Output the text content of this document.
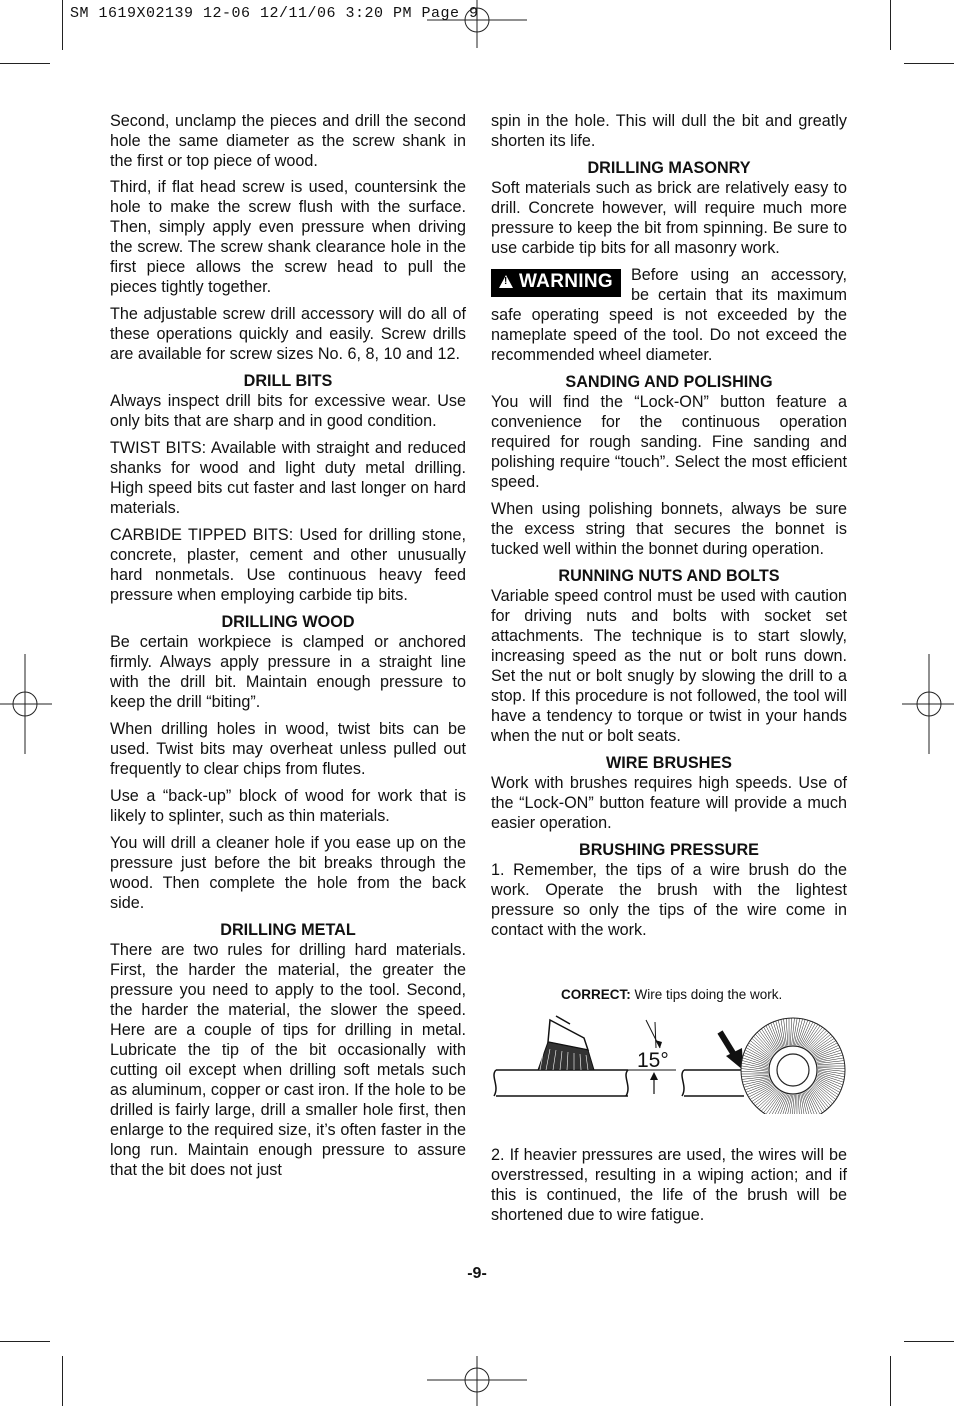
SM 1619X02139 12-06 12/11/06 3:20 PM Page 9

Second, unclamp the pieces and drill the second hole the same diameter as the screw shank in the first or top piece of wood.

Third, if flat head screw is used, countersink the hole to make the screw flush with the surface. Then, simply apply even pressure when driving the screw. The screw shank clearance hole in the first piece allows the screw head to pull the pieces tightly together.

The adjustable screw drill accessory will do all of these operations quickly and easily. Screw drills are available for screw sizes No. 6, 8, 10 and 12.

DRILL BITS

Always inspect drill bits for excessive wear. Use only bits that are sharp and in good condition.

TWIST BITS: Available with straight and reduced shanks for wood and light duty metal drilling. High speed bits cut faster and last longer on hard materials.

CARBIDE TIPPED BITS: Used for drilling stone, concrete, plaster, cement and other unusually hard nonmetals. Use continuous heavy feed pressure when employing carbide tip bits.

DRILLING WOOD

Be certain workpiece is clamped or anchored firmly. Always apply pressure in a straight line with the drill bit. Maintain enough pressure to keep the drill “biting”.

When drilling holes in wood, twist bits can be used. Twist bits may overheat unless pulled out frequently to clear chips from flutes.

Use a “back-up” block of wood for work that is likely to splinter, such as thin materials.

You will drill a cleaner hole if you ease up on the pressure just before the bit breaks through the wood. Then complete the hole from the back side.

DRILLING METAL

There are two rules for drilling hard materials. First, the harder the material, the greater the pressure you need to apply to the tool. Second, the harder the material, the slower the speed. Here are a couple of tips for drilling in metal. Lubricate the tip of the bit occasionally with cutting oil except when drilling soft metals such as aluminum, copper or cast iron. If the hole to be drilled is fairly large, drill a smaller hole first, then enlarge to the required size, it’s often faster in the long run. Maintain enough pressure to assure that the bit does not just

spin in the hole. This will dull the bit and greatly shorten its life.

DRILLING MASONRY

Soft materials such as brick are relatively easy to drill. Concrete however, will require much more pressure to keep the bit from spinning. Be sure to use carbide tip bits for all masonry work.

!WARNING	Before using an accessory, be certain that its maximum safe operating speed is not exceeded by the nameplate speed of the tool. Do not exceed the recommended wheel diameter.
SANDING AND POLISHING

You will find the “Lock-ON” button feature a convenience for the continuous operation required for rough sanding. Fine sanding and polishing require “touch”. Select the most efficient speed.

When using polishing bonnets, always be sure the excess string that secures the bonnet is tucked well within the bonnet during operation.

RUNNING NUTS AND BOLTS

Variable speed control must be used with caution for driving nuts and bolts with socket set attachments. The technique is to start slowly, increasing speed as the nut or bolt runs down. Set the nut or bolt snugly by slowing the drill to a stop. If this procedure is not followed, the tool will have a tendency to torque or twist in your hands when the nut or bolt seats.

WIRE BRUSHES

Work with brushes requires high speeds. Use of the “Lock-ON” button feature will provide a much easier operation.

BRUSHING PRESSURE

1. Remember, the tips of a wire brush do the work. Operate the brush with the lightest pressure so only the tips of the wire come in contact with the work.

CORRECT: Wire tips doing the work.
15°

2. If heavier pressures are used, the wires will be overstressed, resulting in a wiping action; and if this is continued, the life of the brush will be shortened due to wire fatigue.

-9-
